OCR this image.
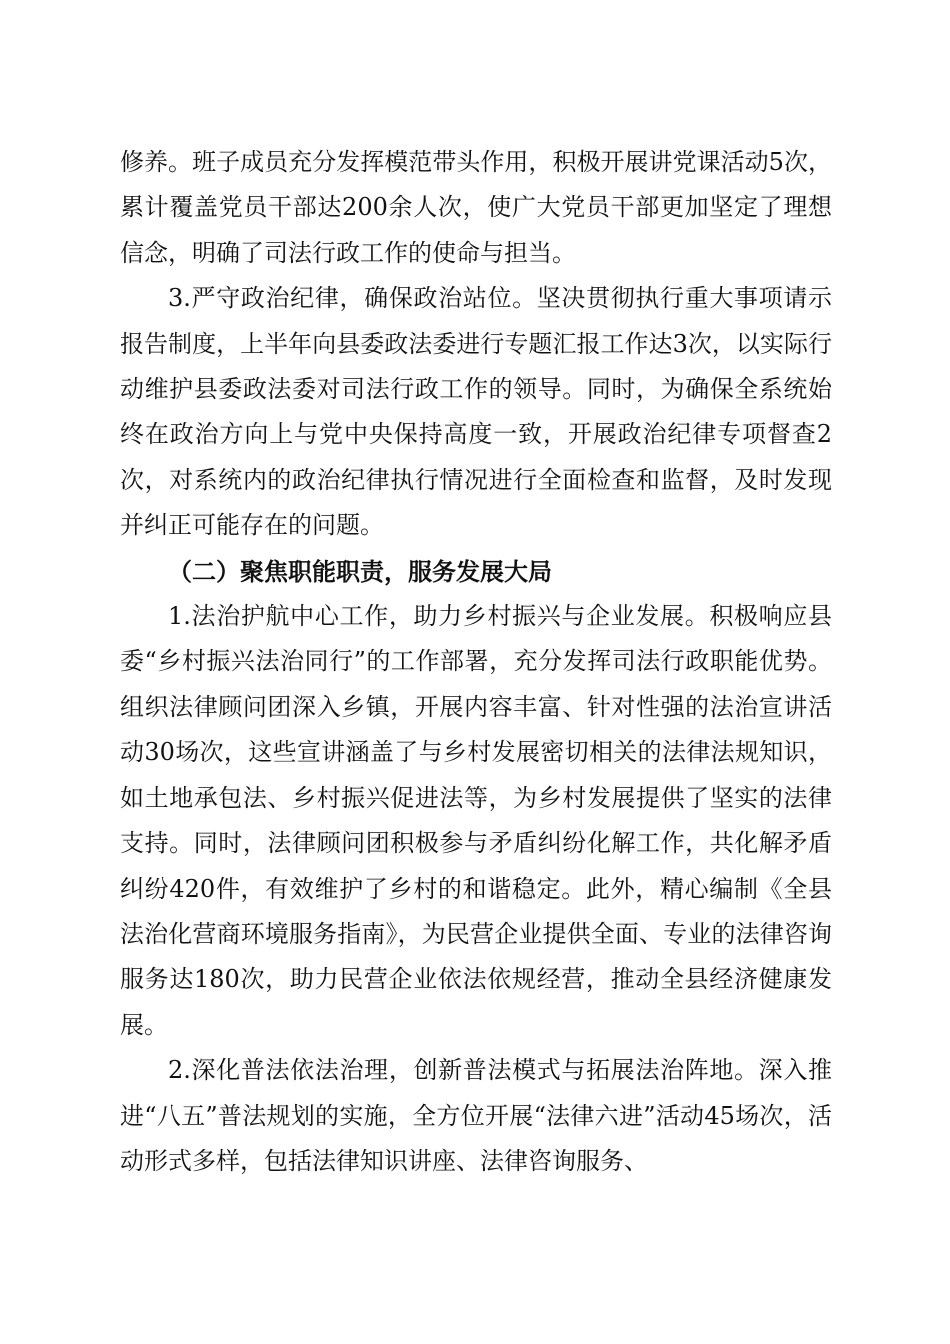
修养。班子成员充分发挥模范带头作用，积极开展讲党课活动5次，累计覆盖党员干部达200余人次，使广大党员干部更加坚定了理想信念，明确了司法行政工作的使命与担当。

3.严守政治纪律，确保政治站位。坚决贯彻执行重大事项请示报告制度，上半年向县委政法委进行专题汇报工作达3次，以实际行动维护县委政法委对司法行政工作的领导。同时，为确保全系统始终在政治方向上与党中央保持高度一致，开展政治纪律专项督查2次，对系统内的政治纪律执行情况进行全面检查和监督，及时发现并纠正可能存在的问题。

（二）聚焦职能职责，服务发展大局

1.法治护航中心工作，助力乡村振兴与企业发展。积极响应县委“乡村振兴法治同行”的工作部署，充分发挥司法行政职能优势。组织法律顾问团深入乡镇，开展内容丰富、针对性强的法治宣讲活动30场次，这些宣讲涵盖了与乡村发展密切相关的法律法规知识，如土地承包法、乡村振兴促进法等，为乡村发展提供了坚实的法律支持。同时，法律顾问团积极参与矛盾纠纷化解工作，共化解矛盾纠纷420件，有效维护了乡村的和谐稳定。此外，精心编制《全县法治化营商环境服务指南》，为民营企业提供全面、专业的法律咨询服务达180次，助力民营企业依法依规经营，推动全县经济健康发展。

2.深化普法依法治理，创新普法模式与拓展法治阵地。深入推进“八五”普法规划的实施，全方位开展“法律六进”活动45场次，活动形式多样，包括法律知识讲座、法律咨询服务、
